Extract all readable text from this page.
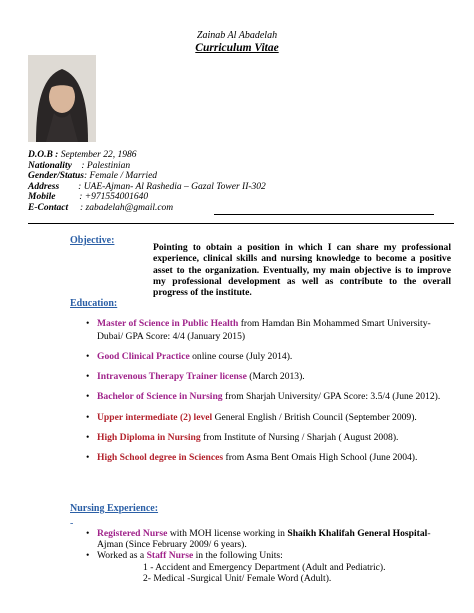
Zainab Al Abadelah
Curriculum Vitae
D.O.B : September 22, 1986
Nationality    : Palestinian
Gender/Status: Female / Married
Address        : UAE-Ajman- Al Rashedia – Gazal Tower II-302
Mobile          : +971554001640
E-Contact     : zabadelah@gmail.com
Objective:
Pointing to obtain a position in which I can share my professional experience, clinical skills and nursing knowledge to become a positive asset to the organization. Eventually, my main objective is to improve my professional development as well as contribute to the overall progress of the institute.
Education:
• Master of Science in Public Health from Hamdan Bin Mohammed Smart University- Dubai/ GPA Score: 4/4 (January 2015)
• Good Clinical Practice online course (July 2014).
• Intravenous Therapy Trainer license (March 2013).
• Bachelor of Science in Nursing from Sharjah University/ GPA Score: 3.5/4 (June 2012).
• Upper intermediate (2) level General English / British Council (September 2009).
• High Diploma in Nursing from Institute of Nursing / Sharjah ( August 2008).
• High School degree in Sciences from Asma Bent Omais High School (June 2004).
Nursing Experience:
-
• Registered Nurse with MOH license working in Shaikh Khalifah General Hospital-Ajman (Since February 2009/ 6 years).
• Worked as a Staff Nurse in the following Units:
1 - Accident and Emergency Department (Adult and Pediatric).
2- Medical -Surgical Unit/ Female Word (Adult).
